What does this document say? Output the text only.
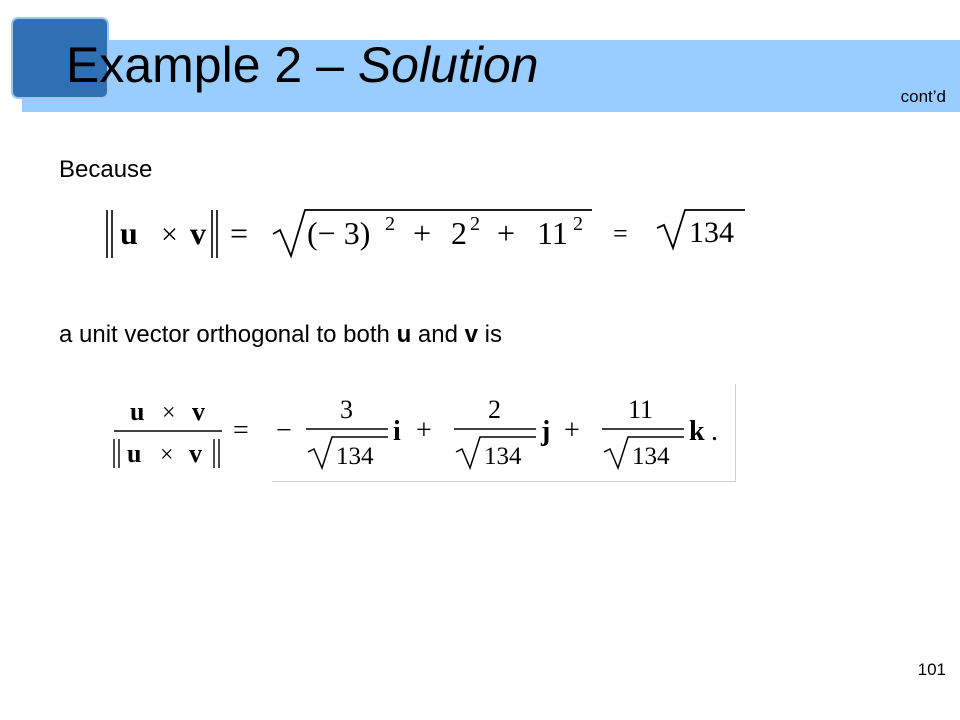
Example 2 – Solution
cont’d
Because
u × v = (− 3) 2 + 2 2 + 11 2 = 134
a unit vector orthogonal to both u and v is
u × v
u × v
= −
3
134
i +
2
134
j +
11
134
k .
101
